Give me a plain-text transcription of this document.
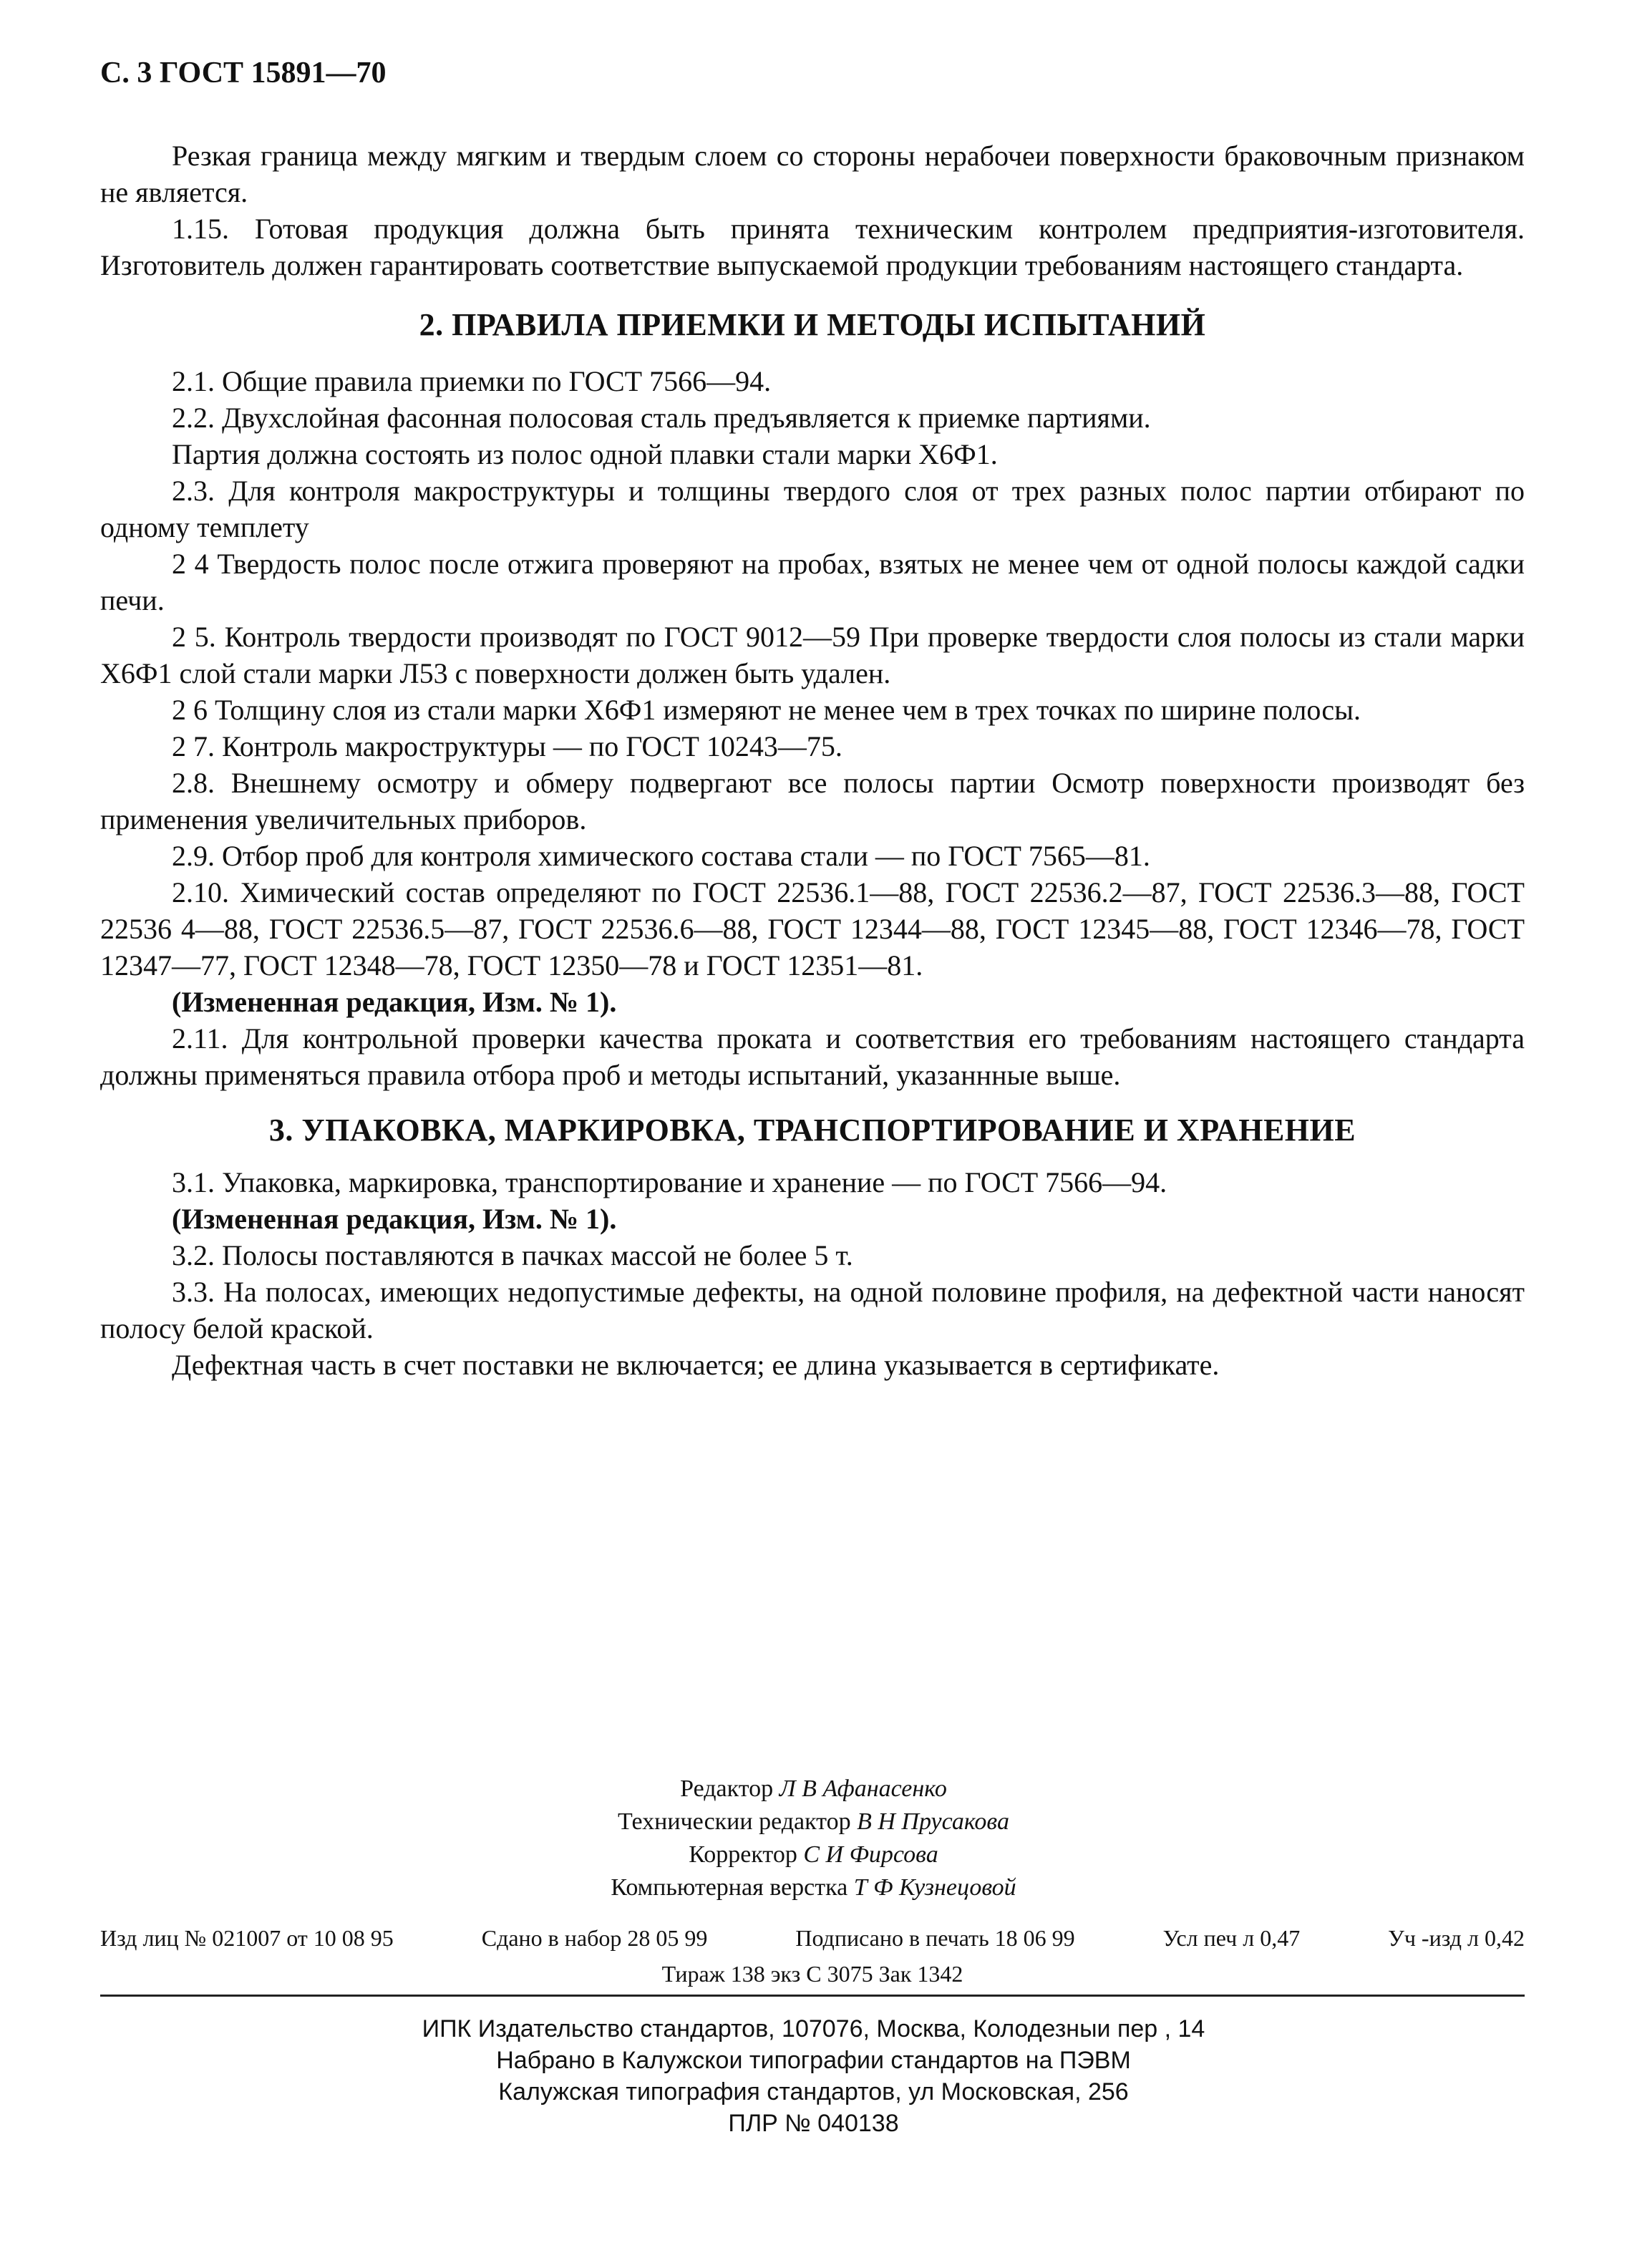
С. 3 ГОСТ 15891—70

Резкая граница между мягким и твердым слоем со стороны нерабочеи поверхности браковочным признаком не является.

1.15. Готовая продукция должна быть принята техническим контролем предприятия-изготовителя. Изготовитель должен гарантировать соответствие выпускаемой продукции требованиям настоящего стандарта.

2. ПРАВИЛА ПРИЕМКИ И МЕТОДЫ ИСПЫТАНИЙ

2.1. Общие правила приемки по ГОСТ 7566—94.

2.2. Двухслойная фасонная полосовая сталь предъявляется к приемке партиями.

Партия должна состоять из полос одной плавки стали марки Х6Ф1.

2.3. Для контроля макроструктуры и толщины твердого слоя от трех разных полос партии отбирают по одному темплету

2 4 Твердость полос после отжига проверяют на пробах, взятых не менее чем от одной полосы каждой садки печи.

2 5. Контроль твердости производят по ГОСТ 9012—59 При проверке твердости слоя полосы из стали марки Х6Ф1 слой стали марки Л53 с поверхности должен быть удален.

2 6 Толщину слоя из стали марки Х6Ф1 измеряют не менее чем в трех точках по ширине полосы.

2 7. Контроль макроструктуры — по ГОСТ 10243—75.

2.8. Внешнему осмотру и обмеру подвергают все полосы партии Осмотр поверхности производят без применения увеличительных приборов.

2.9. Отбор проб для контроля химического состава стали — по ГОСТ 7565—81.

2.10. Химический состав определяют по ГОСТ 22536.1—88, ГОСТ 22536.2—87, ГОСТ 22536.3—88, ГОСТ 22536 4—88, ГОСТ 22536.5—87, ГОСТ 22536.6—88, ГОСТ 12344—88, ГОСТ 12345—88, ГОСТ 12346—78, ГОСТ 12347—77, ГОСТ 12348—78, ГОСТ 12350—78 и ГОСТ 12351—81.

(Измененная редакция, Изм. № 1).

2.11. Для контрольной проверки качества проката и соответствия его требованиям настоящего стандарта должны применяться правила отбора проб и методы испытаний, указаннные выше.

3. УПАКОВКА, МАРКИРОВКА, ТРАНСПОРТИРОВАНИЕ И ХРАНЕНИЕ

3.1. Упаковка, маркировка, транспортирование и хранение — по ГОСТ 7566—94.

(Измененная редакция, Изм. № 1).

3.2. Полосы поставляются в пачках массой не более 5 т.

3.3. На полосах, имеющих недопустимые дефекты, на одной половине профиля, на дефектной части наносят полосу белой краской.

Дефектная часть в счет поставки не включается; ее длина указывается в сертификате.

Редактор Л В Афанасенко
Техническии редактор В Н Прусакова
Корректор С И Фирсова
Компьютерная верстка Т Ф Кузнецовой
Изд лиц № 021007 от 10 08 95	Сдано в набор 28 05 99	Подписано в печать 18 06 99	Усл печ л 0,47	Уч -изд л 0,42
Тираж 138 экз С 3075 Зак 1342
ИПК Издательство стандартов, 107076, Москва, Колодезныи пер , 14
Набрано в Калужскои типографии стандартов на ПЭВМ
Калужская типография стандартов, ул Московская, 256
ПЛР № 040138
